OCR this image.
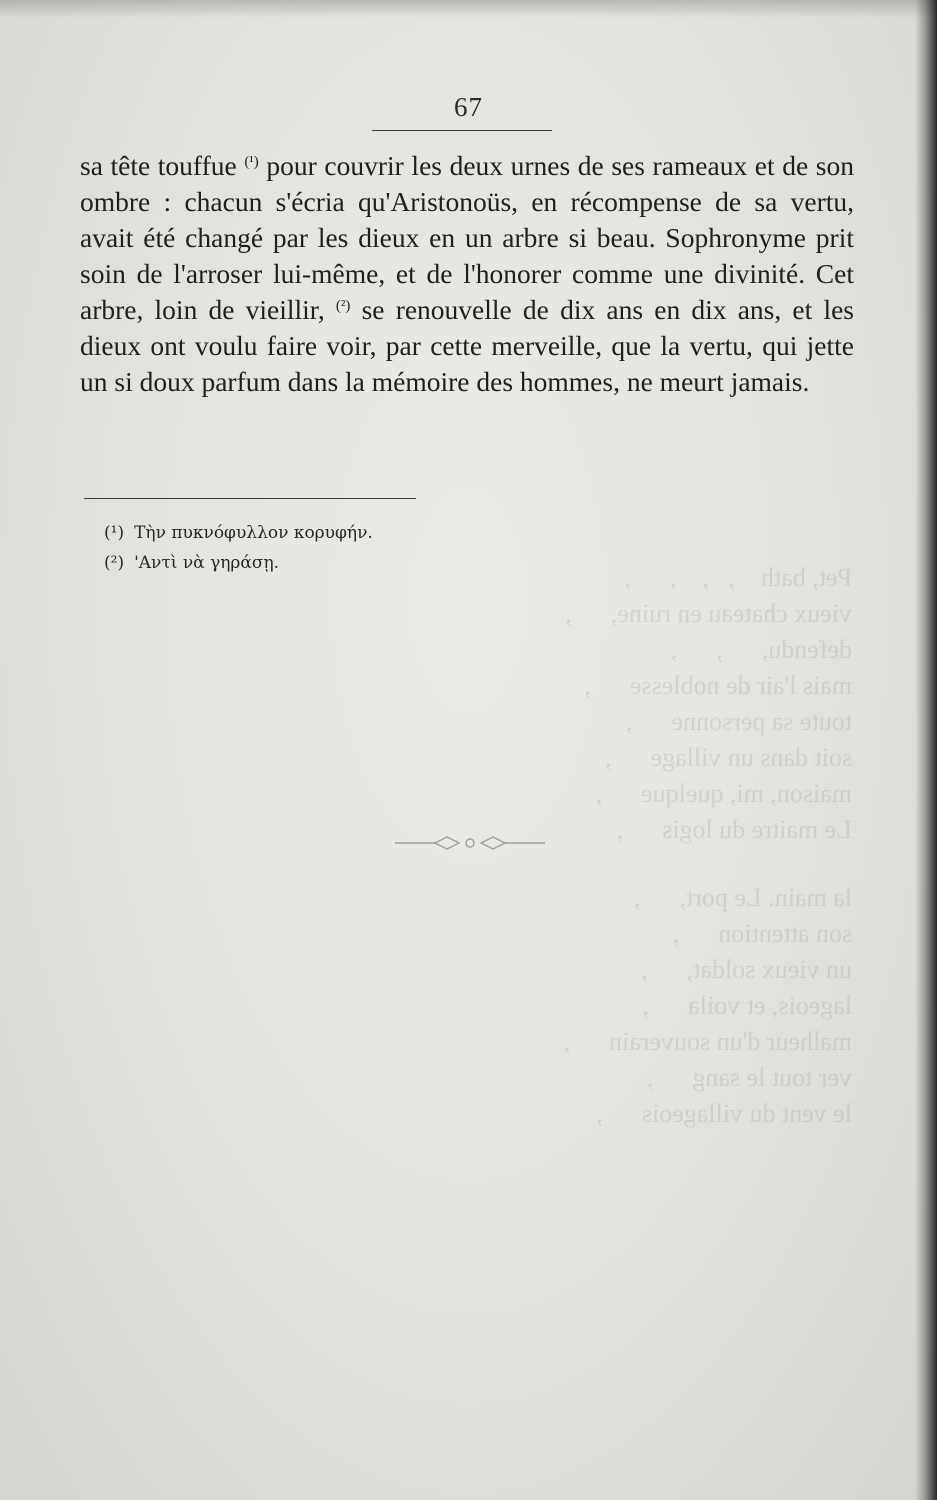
Pet, bath    ,   ,    ,      ,
vieux chateau en ruine,      ,
defendu,      ,      ,
mais l'air de noblesse      ,
toute sa personne      ,
soit dans un village      ,
maison, mi, quelque      ,
Le maitre du logis      ,
la main. Le port,      ,
son attention      ,
un vieux soldat,      ,
lageois, et voila      ,
malheur d'un souverain      ,
ver tout le sang      ,
le vent du villageois      ,
67

sa tête touffue $^{(^1)}$ pour couvrir les deux urnes de ses rameaux et de son ombre : chacun s'écria qu'Aristonoüs, en récompense de sa vertu, avait été changé par les dieux en un arbre si beau. Sophronyme prit soin de l'arroser lui-même, et de l'honorer comme une divinité. Cet arbre, loin de vieillir, $^{(^2)}$ se renouvelle de dix ans en dix ans, et les dieux ont voulu faire voir, par cette merveille, que la vertu, qui jette un si doux parfum dans la mémoire des hommes, ne meurt jamais.

(¹) Τὴν πυκνόφυλλον κορυφήν.
(²) 'Αντὶ νὰ γηράσῃ.
